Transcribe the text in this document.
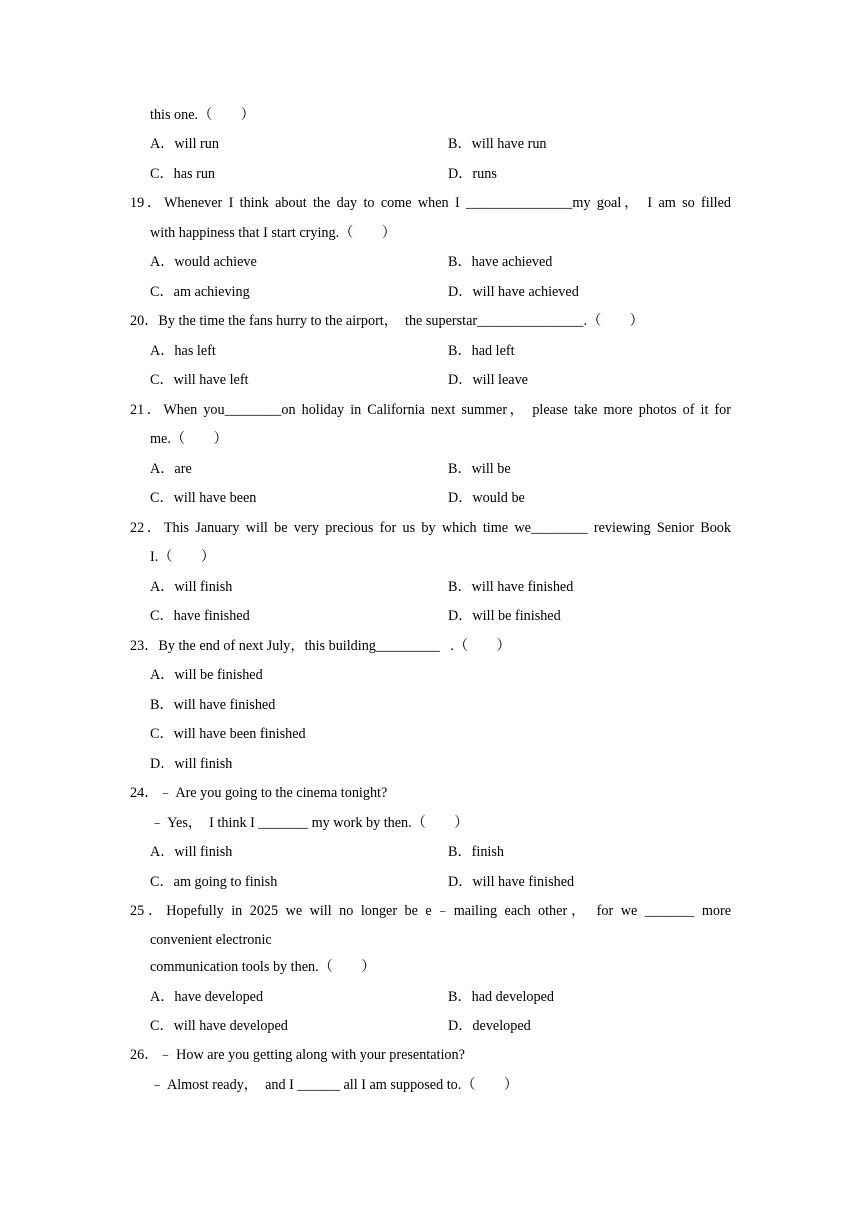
this one.（　　）
A．will run	B．will have run
C．has run	D．runs
19．Whenever I think about the day to come when I _______________my goal， I am so filled
with happiness that I start crying.（　　）
A．would achieve	B．have achieved
C．am achieving	D．will have achieved
20．By the time the fans hurry to the airport，  the superstar_______________.（　　）
A．has left	B．had left
C．will have left	D．will leave
21．When you________on holiday in California next summer， please take more photos of it for
me.（　　）
A．are	B．will be
C．will have been	D．would be
22．This January will be very precious for us by which time we________ reviewing Senior Book
I.（　　）
A．will finish	B．will have finished
C．have finished	D．will be finished
23．By the end of next July，this building_________   .（　　）
A．will be finished
B．will have finished
C．will have been finished
D．will finish
24．﹣ Are you going to the cinema tonight?
﹣ Yes，  I think I _______ my work by then.（　　）
A．will finish	B．finish
C．am going to finish	D．will have finished
25．Hopefully in 2025 we will no longer be e﹣mailing each other， for we _______ more
convenient electronic
communication tools by then.（　　）
A．have developed	B．had developed
C．will have developed	D．developed
26．﹣ How are you getting along with your presentation?
﹣ Almost ready，  and I ______ all I am supposed to.（　　）
